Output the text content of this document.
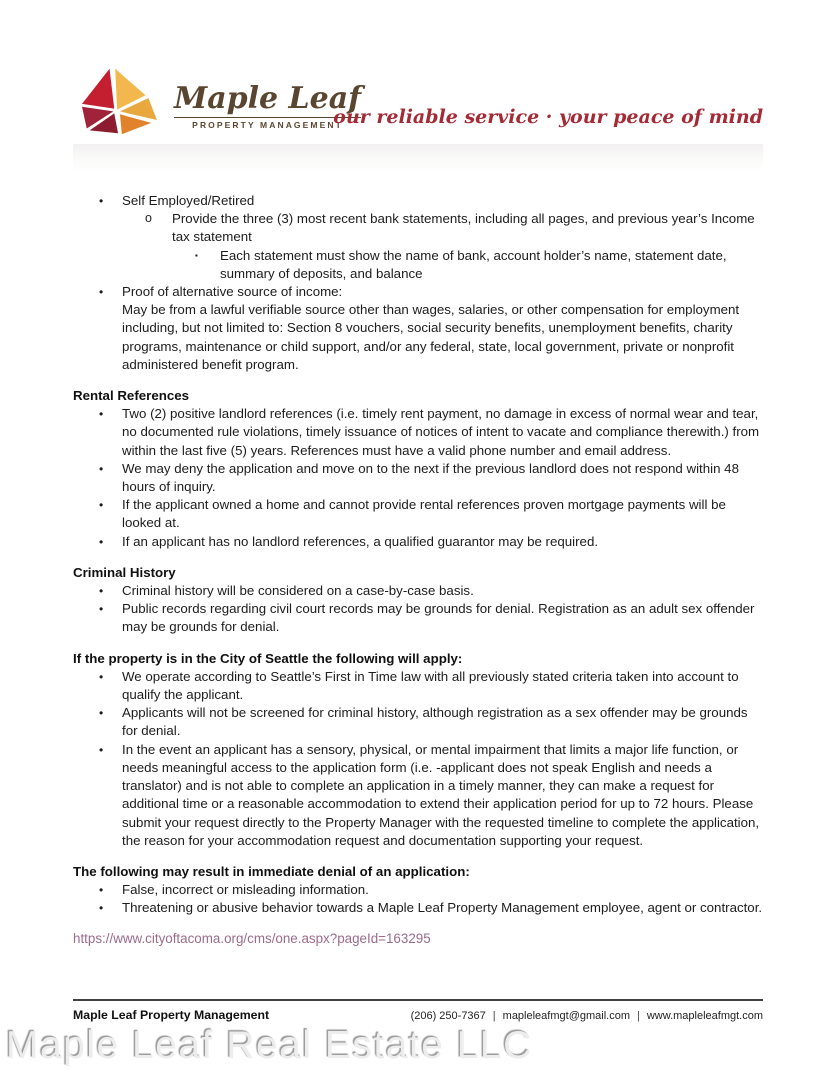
Maple Leaf
PROPERTY MANAGEMENT
our reliable service · your peace of mind
• Self Employed/Retired
o Provide the three (3) most recent bank statements, including all pages, and previous year’s Income tax statement
▪ Each statement must show the name of bank, account holder’s name, statement date, summary of deposits, and balance
• Proof of alternative source of income:
May be from a lawful verifiable source other than wages, salaries, or other compensation for employment including, but not limited to: Section 8 vouchers, social security benefits, unemployment benefits, charity programs, maintenance or child support, and/or any federal, state, local government, private or nonprofit administered benefit program.
Rental References
• Two (2) positive landlord references (i.e. timely rent payment, no damage in excess of normal wear and tear, no documented rule violations, timely issuance of notices of intent to vacate and compliance therewith.) from within the last five (5) years. References must have a valid phone number and email address.
• We may deny the application and move on to the next if the previous landlord does not respond within 48 hours of inquiry.
• If the applicant owned a home and cannot provide rental references proven mortgage payments will be looked at.
• If an applicant has no landlord references, a qualified guarantor may be required.
Criminal History
• Criminal history will be considered on a case-by-case basis.
• Public records regarding civil court records may be grounds for denial. Registration as an adult sex offender may be grounds for denial.
If the property is in the City of Seattle the following will apply:
• We operate according to Seattle’s First in Time law with all previously stated criteria taken into account to qualify the applicant.
• Applicants will not be screened for criminal history, although registration as a sex offender may be grounds for denial.
• In the event an applicant has a sensory, physical, or mental impairment that limits a major life function, or needs meaningful access to the application form (i.e. -applicant does not speak English and needs a translator) and is not able to complete an application in a timely manner, they can make a request for additional time or a reasonable accommodation to extend their application period for up to 72 hours. Please submit your request directly to the Property Manager with the requested timeline to complete the application, the reason for your accommodation request and documentation supporting your request.
The following may result in immediate denial of an application:
• False, incorrect or misleading information.
• Threatening or abusive behavior towards a Maple Leaf Property Management employee, agent or contractor.
https://www.cityoftacoma.org/cms/one.aspx?pageId=163295
Maple Leaf Property Management	(206) 250-7367 | mapleleafmgt@gmail.com | www.mapleleafmgt.com
Maple Leaf Real Estate LLC
